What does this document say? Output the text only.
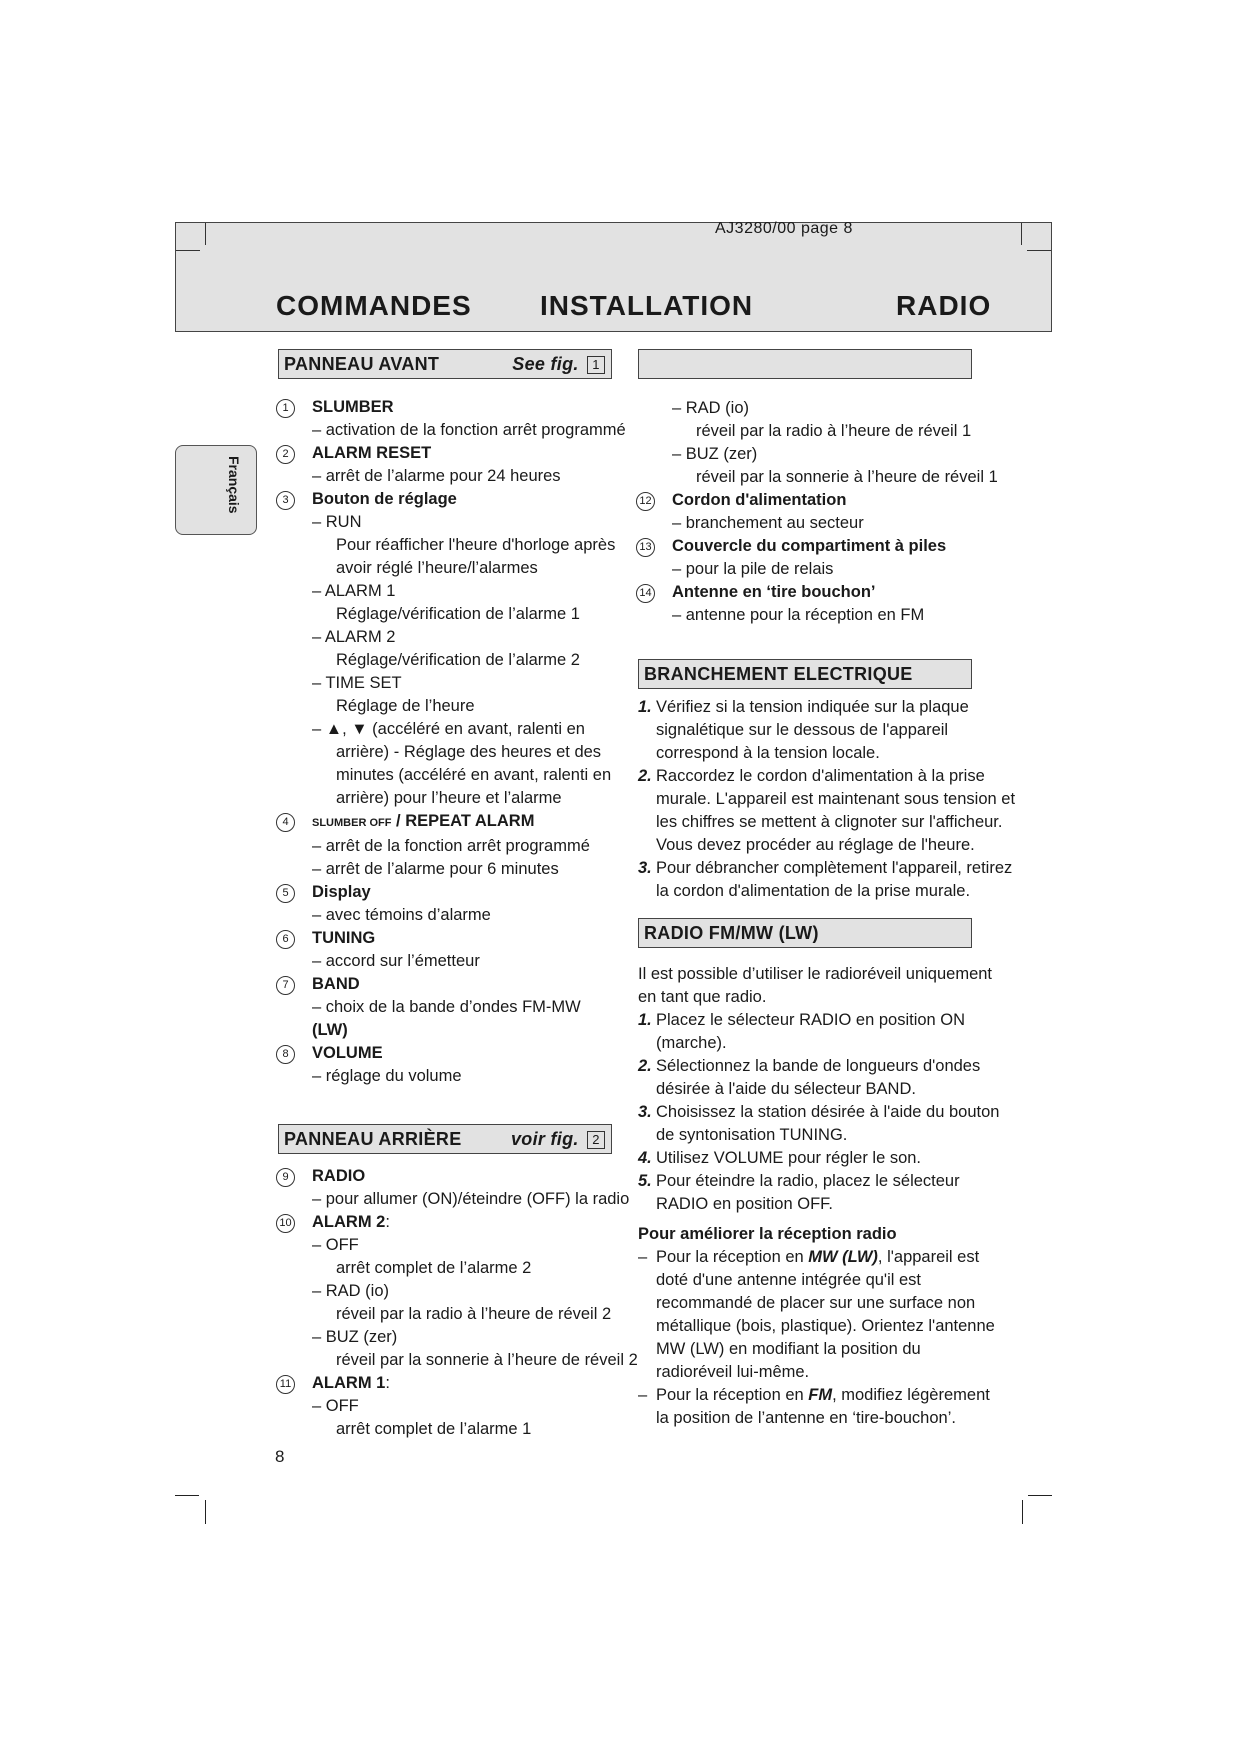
AJ3280/00 page 8
COMMANDES INSTALLATION	RADIO
Français
PANNEAU AVANT	See fig. 1
BRANCHEMENT ELECTRIQUE
RADIO FM/MW (LW)
PANNEAU ARRIÈRE	voir fig. 2
1	SLUMBER
– activation de la fonction arrêt programmé
2	ALARM RESET
– arrêt de l’alarme pour 24 heures
3	Bouton de réglage
– RUN
Pour réafficher l'heure d'horloge après
avoir réglé l’heure/l’alarmes
– ALARM 1
Réglage/vérification de l’alarme 1
– ALARM 2
Réglage/vérification de l’alarme 2
– TIME SET
Réglage de l’heure
– ▲, ▼ (accéléré en avant, ralenti en
arrière) - Réglage des heures et des
minutes (accéléré en avant, ralenti en
arrière) pour l’heure et l’alarme
4	SLUMBER OFF / REPEAT ALARM
– arrêt de la fonction arrêt programmé
– arrêt de l’alarme pour 6 minutes
5	Display
– avec témoins d’alarme
6	TUNING
– accord sur l’émetteur
7	BAND
– choix de la bande d’ondes FM-MW
(LW)
8	VOLUME
– réglage du volume
9	RADIO
– pour allumer (ON)/éteindre (OFF) la radio
10 ALARM 2:
– OFF
arrêt complet de l’alarme 2
– RAD (io)
réveil par la radio à l’heure de réveil 2
– BUZ (zer)
réveil par la sonnerie à l’heure de réveil 2
11 ALARM 1:
– OFF
arrêt complet de l’alarme 1
– RAD (io)
réveil par la radio à l’heure de réveil 1
– BUZ (zer)
réveil par la sonnerie à l’heure de réveil 1
12 Cordon d'alimentation
– branchement au secteur
13 Couvercle du compartiment à piles
– pour la pile de relais
14 Antenne en ‘tire bouchon’
– antenne pour la réception en FM
1. Vérifiez si la tension indiquée sur la plaque
signalétique sur le dessous de l'appareil
correspond à la tension locale.
2. Raccordez le cordon d'alimentation à la prise
murale. L'appareil est maintenant sous tension et
les chiffres se mettent à clignoter sur l'afficheur.
Vous devez procéder au réglage de l'heure.
3. Pour débrancher complètement l'appareil, retirez
la cordon d'alimentation de la prise murale.
Il est possible d’utiliser le radioréveil uniquement
en tant que radio.
1. Placez le sélecteur RADIO en position ON
(marche).
2. Sélectionnez la bande de longueurs d'ondes
désirée à l'aide du sélecteur BAND.
3. Choisissez la station désirée à l'aide du bouton
de syntonisation TUNING.
4. Utilisez VOLUME pour régler le son.
5. Pour éteindre la radio, placez le sélecteur
RADIO en position OFF.
Pour améliorer la réception radio
– Pour la réception en MW (LW), l'appareil est
doté d'une antenne intégrée qu'il est
recommandé de placer sur une surface non
métallique (bois, plastique). Orientez l'antenne
MW (LW) en modifiant la position du
radioréveil lui-même.
– Pour la réception en FM, modifiez légèrement
la position de l’antenne en ‘tire-bouchon’.
8
